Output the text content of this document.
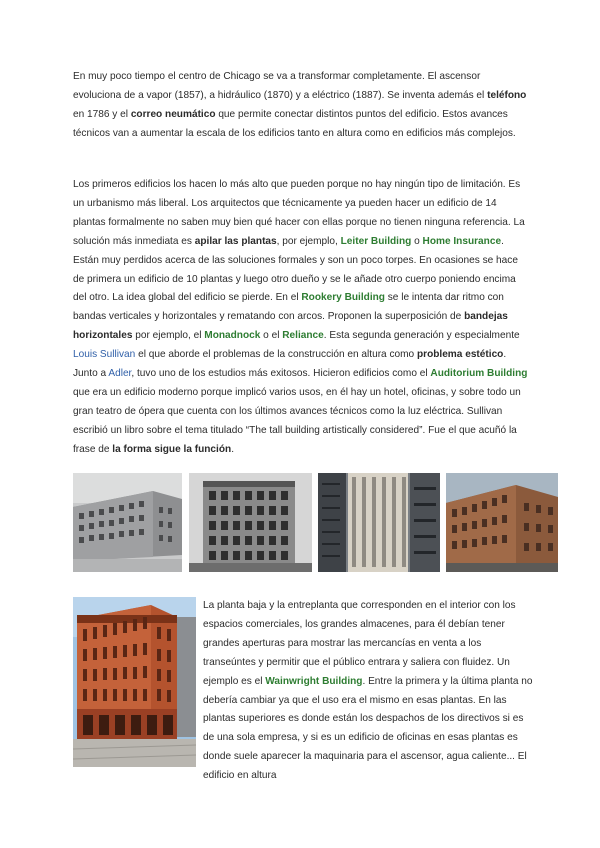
En muy poco tiempo el centro de Chicago se va a transformar completamente. El ascensor evoluciona de a vapor (1857), a hidráulico (1870) y a eléctrico (1887). Se inventa además el teléfono en 1786 y el correo neumático que permite conectar distintos puntos del edificio. Estos avances técnicos van a aumentar la escala de los edificios tanto en altura como en edificios más complejos.

Los primeros edificios los hacen lo más alto que pueden porque no hay ningún tipo de limitación. Es un urbanismo más liberal. Los arquitectos que técnicamente ya pueden hacer un edificio de 14 plantas formalmente no saben muy bien qué hacer con ellas porque no tienen ninguna referencia. La solución más inmediata es apilar las plantas, por ejemplo, Leiter Building o Home Insurance. Están muy perdidos acerca de las soluciones formales y son un poco torpes. En ocasiones se hace de primera un edificio de 10 plantas y luego otro dueño y se le añade otro cuerpo poniendo encima del otro. La idea global del edificio se pierde. En el Rookery Building se le intenta dar ritmo con bandas verticales y horizontales y rematando con arcos. Proponen la superposición de bandejas horizontales por ejemplo, el Monadnock o el Reliance. Esta segunda generación y especialmente Louis Sullivan el que aborde el problemas de la construcción en altura como problema estético. Junto a Adler, tuvo uno de los estudios más exitosos. Hicieron edificios como el Auditorium Building que era un edificio moderno porque implicó varios usos, en él hay un hotel, oficinas, y sobre todo un gran teatro de ópera que cuenta con los últimos avances técnicos como la luz eléctrica. Sullivan escribió un libro sobre el tema titulado “The tall building artistically considered”. Fue el que acuñó la frase de la forma sigue la función.

La planta baja y la entreplanta que corresponden en el interior con los espacios comerciales, los grandes almacenes, para él debían tener grandes aperturas para mostrar las mercancías en venta a los transeúntes y permitir que el público entrara y saliera con fluidez. Un ejemplo es el Wainwright Building. Entre la primera y la última planta no debería cambiar ya que el uso era el mismo en esas plantas. En las plantas superiores es donde están los despachos de los directivos si es de una sola empresa, y si es un edificio de oficinas en esas plantas es donde suele aparecer la maquinaria para el ascensor, agua caliente... El edificio en altura
